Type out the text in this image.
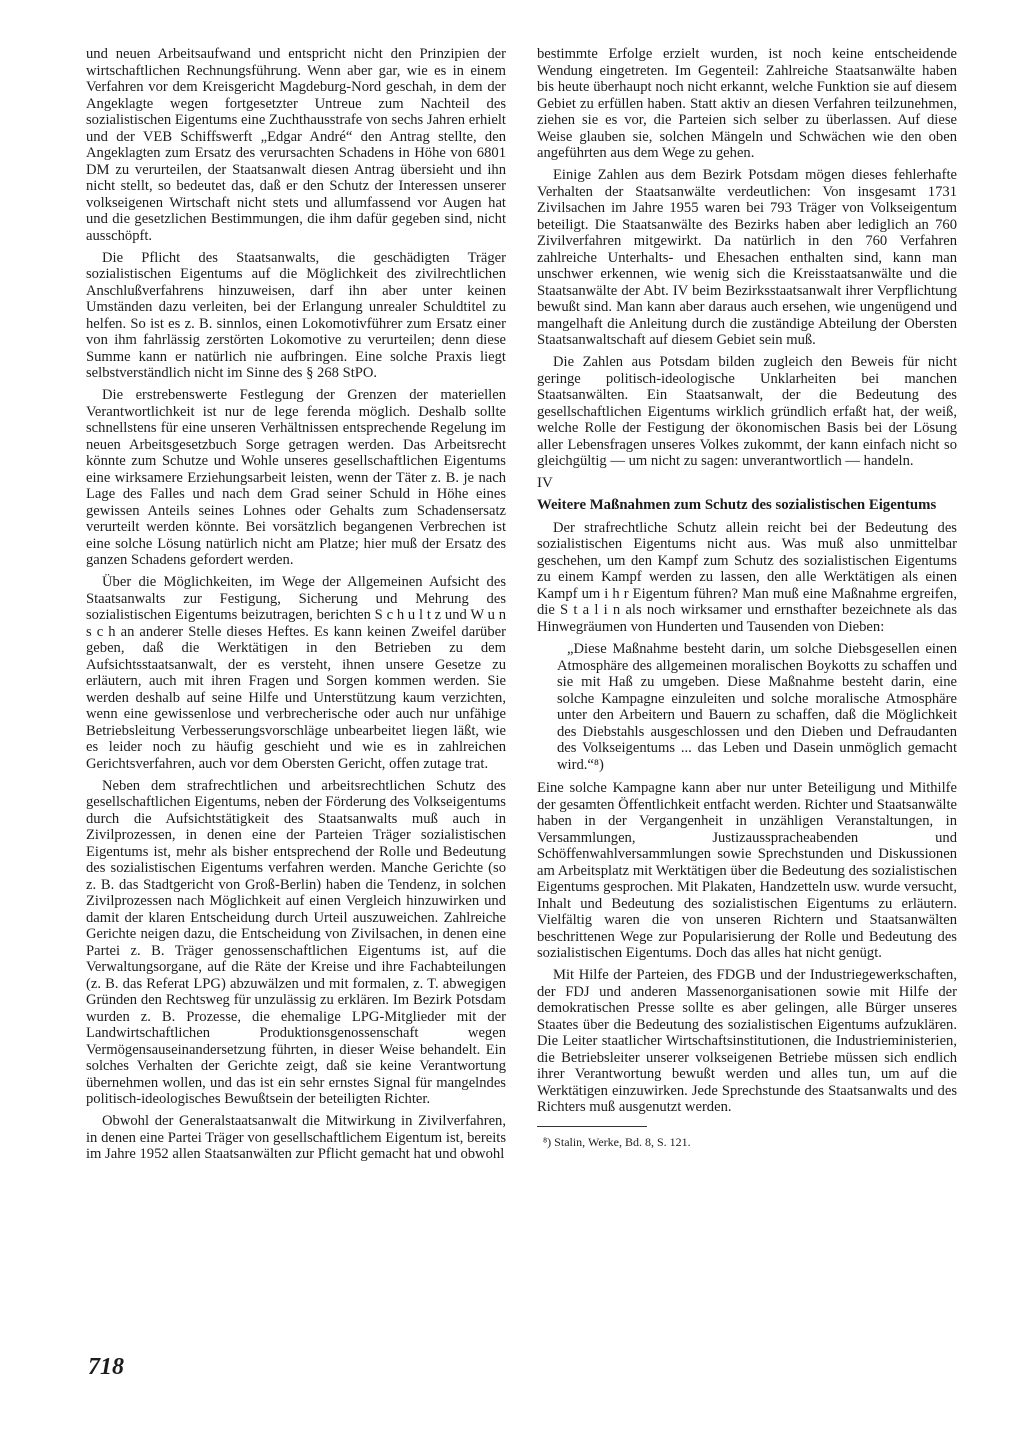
und neuen Arbeitsaufwand und entspricht nicht den Prinzipien der wirtschaftlichen Rechnungsführung. Wenn aber gar, wie es in einem Verfahren vor dem Kreisgericht Magdeburg-Nord geschah, in dem der Angeklagte wegen fortgesetzter Untreue zum Nachteil des sozialistischen Eigentums eine Zuchthausstrafe von sechs Jahren erhielt und der VEB Schiffswerft „Edgar André“ den Antrag stellte, den Angeklagten zum Ersatz des verursachten Schadens in Höhe von 6801 DM zu verurteilen, der Staatsanwalt diesen Antrag übersieht und ihn nicht stellt, so bedeutet das, daß er den Schutz der Interessen unserer volkseigenen Wirtschaft nicht stets und allumfassend vor Augen hat und die gesetzlichen Bestimmungen, die ihm dafür gegeben sind, nicht ausschöpft.

Die Pflicht des Staatsanwalts, die geschädigten Träger sozialistischen Eigentums auf die Möglichkeit des zivilrechtlichen Anschlußverfahrens hinzuweisen, darf ihn aber unter keinen Umständen dazu verleiten, bei der Erlangung unrealer Schuldtitel zu helfen. So ist es z. B. sinnlos, einen Lokomotivführer zum Ersatz einer von ihm fahrlässig zerstörten Lokomotive zu verurteilen; denn diese Summe kann er natürlich nie aufbringen. Eine solche Praxis liegt selbstverständlich nicht im Sinne des § 268 StPO.

Die erstrebenswerte Festlegung der Grenzen der materiellen Verantwortlichkeit ist nur de lege ferenda möglich. Deshalb sollte schnellstens für eine unseren Verhältnissen entsprechende Regelung im neuen Arbeitsgesetzbuch Sorge getragen werden. Das Arbeitsrecht könnte zum Schutze und Wohle unseres gesellschaftlichen Eigentums eine wirksamere Erziehungsarbeit leisten, wenn der Täter z. B. je nach Lage des Falles und nach dem Grad seiner Schuld in Höhe eines gewissen Anteils seines Lohnes oder Gehalts zum Schadensersatz verurteilt werden könnte. Bei vorsätzlich begangenen Verbrechen ist eine solche Lösung natürlich nicht am Platze; hier muß der Ersatz des ganzen Schadens gefordert werden.

Über die Möglichkeiten, im Wege der Allgemeinen Aufsicht des Staatsanwalts zur Festigung, Sicherung und Mehrung des sozialistischen Eigentums beizutragen, berichten S c h u l t z und W u n s c h an anderer Stelle dieses Heftes. Es kann keinen Zweifel darüber geben, daß die Werktätigen in den Betrieben zu dem Aufsichtsstaatsanwalt, der es versteht, ihnen unsere Gesetze zu erläutern, auch mit ihren Fragen und Sorgen kommen werden. Sie werden deshalb auf seine Hilfe und Unterstützung kaum verzichten, wenn eine gewissenlose und verbrecherische oder auch nur unfähige Betriebsleitung Verbesserungsvorschläge unbearbeitet liegen läßt, wie es leider noch zu häufig geschieht und wie es in zahlreichen Gerichtsverfahren, auch vor dem Obersten Gericht, offen zutage trat.

Neben dem strafrechtlichen und arbeitsrechtlichen Schutz des gesellschaftlichen Eigentums, neben der Förderung des Volkseigentums durch die Aufsichtstätigkeit des Staatsanwalts muß auch in Zivilprozessen, in denen eine der Parteien Träger sozialistischen Eigentums ist, mehr als bisher entsprechend der Rolle und Bedeutung des sozialistischen Eigentums verfahren werden. Manche Gerichte (so z. B. das Stadtgericht von Groß-Berlin) haben die Tendenz, in solchen Zivilprozessen nach Möglichkeit auf einen Vergleich hinzuwirken und damit der klaren Entscheidung durch Urteil auszuweichen. Zahlreiche Gerichte neigen dazu, die Entscheidung von Zivilsachen, in denen eine Partei z. B. Träger genossenschaftlichen Eigentums ist, auf die Verwaltungsorgane, auf die Räte der Kreise und ihre Fachabteilungen (z. B. das Referat LPG) abzuwälzen und mit formalen, z. T. abwegigen Gründen den Rechtsweg für unzulässig zu erklären. Im Bezirk Potsdam wurden z. B. Prozesse, die ehemalige LPG-Mitglieder mit der Landwirtschaftlichen Produktionsgenossenschaft wegen Vermögensauseinandersetzung führten, in dieser Weise behandelt. Ein solches Verhalten der Gerichte zeigt, daß sie keine Verantwortung übernehmen wollen, und das ist ein sehr ernstes Signal für mangelndes politisch-ideologisches Bewußtsein der beteiligten Richter.

Obwohl der Generalstaatsanwalt die Mitwirkung in Zivilverfahren, in denen eine Partei Träger von gesellschaftlichem Eigentum ist, bereits im Jahre 1952 allen Staatsanwälten zur Pflicht gemacht hat und obwohl

bestimmte Erfolge erzielt wurden, ist noch keine entscheidende Wendung eingetreten. Im Gegenteil: Zahlreiche Staatsanwälte haben bis heute überhaupt noch nicht erkannt, welche Funktion sie auf diesem Gebiet zu erfüllen haben. Statt aktiv an diesen Verfahren teilzunehmen, ziehen sie es vor, die Parteien sich selber zu überlassen. Auf diese Weise glauben sie, solchen Mängeln und Schwächen wie den oben angeführten aus dem Wege zu gehen.

Einige Zahlen aus dem Bezirk Potsdam mögen dieses fehlerhafte Verhalten der Staatsanwälte verdeutlichen: Von insgesamt 1731 Zivilsachen im Jahre 1955 waren bei 793 Träger von Volkseigentum beteiligt. Die Staatsanwälte des Bezirks haben aber lediglich an 760 Zivilverfahren mitgewirkt. Da natürlich in den 760 Verfahren zahlreiche Unterhalts- und Ehesachen enthalten sind, kann man unschwer erkennen, wie wenig sich die Kreisstaatsanwälte und die Staatsanwälte der Abt. IV beim Bezirksstaatsanwalt ihrer Verpflichtung bewußt sind. Man kann aber daraus auch ersehen, wie ungenügend und mangelhaft die Anleitung durch die zuständige Abteilung der Obersten Staatsanwaltschaft auf diesem Gebiet sein muß.

Die Zahlen aus Potsdam bilden zugleich den Beweis für nicht geringe politisch-ideologische Unklarheiten bei manchen Staatsanwälten. Ein Staatsanwalt, der die Bedeutung des gesellschaftlichen Eigentums wirklich gründlich erfaßt hat, der weiß, welche Rolle der Festigung der ökonomischen Basis bei der Lösung aller Lebensfragen unseres Volkes zukommt, der kann einfach nicht so gleichgültig — um nicht zu sagen: unverantwortlich — handeln.

IV

Weitere Maßnahmen zum Schutz des sozialistischen Eigentums

Der strafrechtliche Schutz allein reicht bei der Bedeutung des sozialistischen Eigentums nicht aus. Was muß also unmittelbar geschehen, um den Kampf zum Schutz des sozialistischen Eigentums zu einem Kampf werden zu lassen, den alle Werktätigen als einen Kampf um i h r Eigentum führen? Man muß eine Maßnahme ergreifen, die S t a l i n als noch wirksamer und ernsthafter bezeichnete als das Hinwegräumen von Hunderten und Tausenden von Dieben:

„Diese Maßnahme besteht darin, um solche Diebsgesellen einen Atmosphäre des allgemeinen moralischen Boykotts zu schaffen und sie mit Haß zu umgeben. Diese Maßnahme besteht darin, eine solche Kampagne einzuleiten und solche moralische Atmosphäre unter den Arbeitern und Bauern zu schaffen, daß die Möglichkeit des Diebstahls ausgeschlossen und den Dieben und Defraudanten des Volkseigentums ... das Leben und Dasein unmöglich gemacht wird.“⁸)

Eine solche Kampagne kann aber nur unter Beteiligung und Mithilfe der gesamten Öffentlichkeit entfacht werden. Richter und Staatsanwälte haben in der Vergangenheit in unzähligen Veranstaltungen, in Versammlungen, Justizausspracheabenden und Schöffenwahlversammlungen sowie Sprechstunden und Diskussionen am Arbeitsplatz mit Werktätigen über die Bedeutung des sozialistischen Eigentums gesprochen. Mit Plakaten, Handzetteln usw. wurde versucht, Inhalt und Bedeutung des sozialistischen Eigentums zu erläutern. Vielfältig waren die von unseren Richtern und Staatsanwälten beschrittenen Wege zur Popularisierung der Rolle und Bedeutung des sozialistischen Eigentums. Doch das alles hat nicht genügt.

Mit Hilfe der Parteien, des FDGB und der Industriegewerkschaften, der FDJ und anderen Massenorganisationen sowie mit Hilfe der demokratischen Presse sollte es aber gelingen, alle Bürger unseres Staates über die Bedeutung des sozialistischen Eigentums aufzuklären. Die Leiter staatlicher Wirtschaftsinstitutionen, die Industrieministerien, die Betriebsleiter unserer volkseigenen Betriebe müssen sich endlich ihrer Verantwortung bewußt werden und alles tun, um auf die Werktätigen einzuwirken. Jede Sprechstunde des Staatsanwalts und des Richters muß ausgenutzt werden.

⁸) Stalin, Werke, Bd. 8, S. 121.

718
